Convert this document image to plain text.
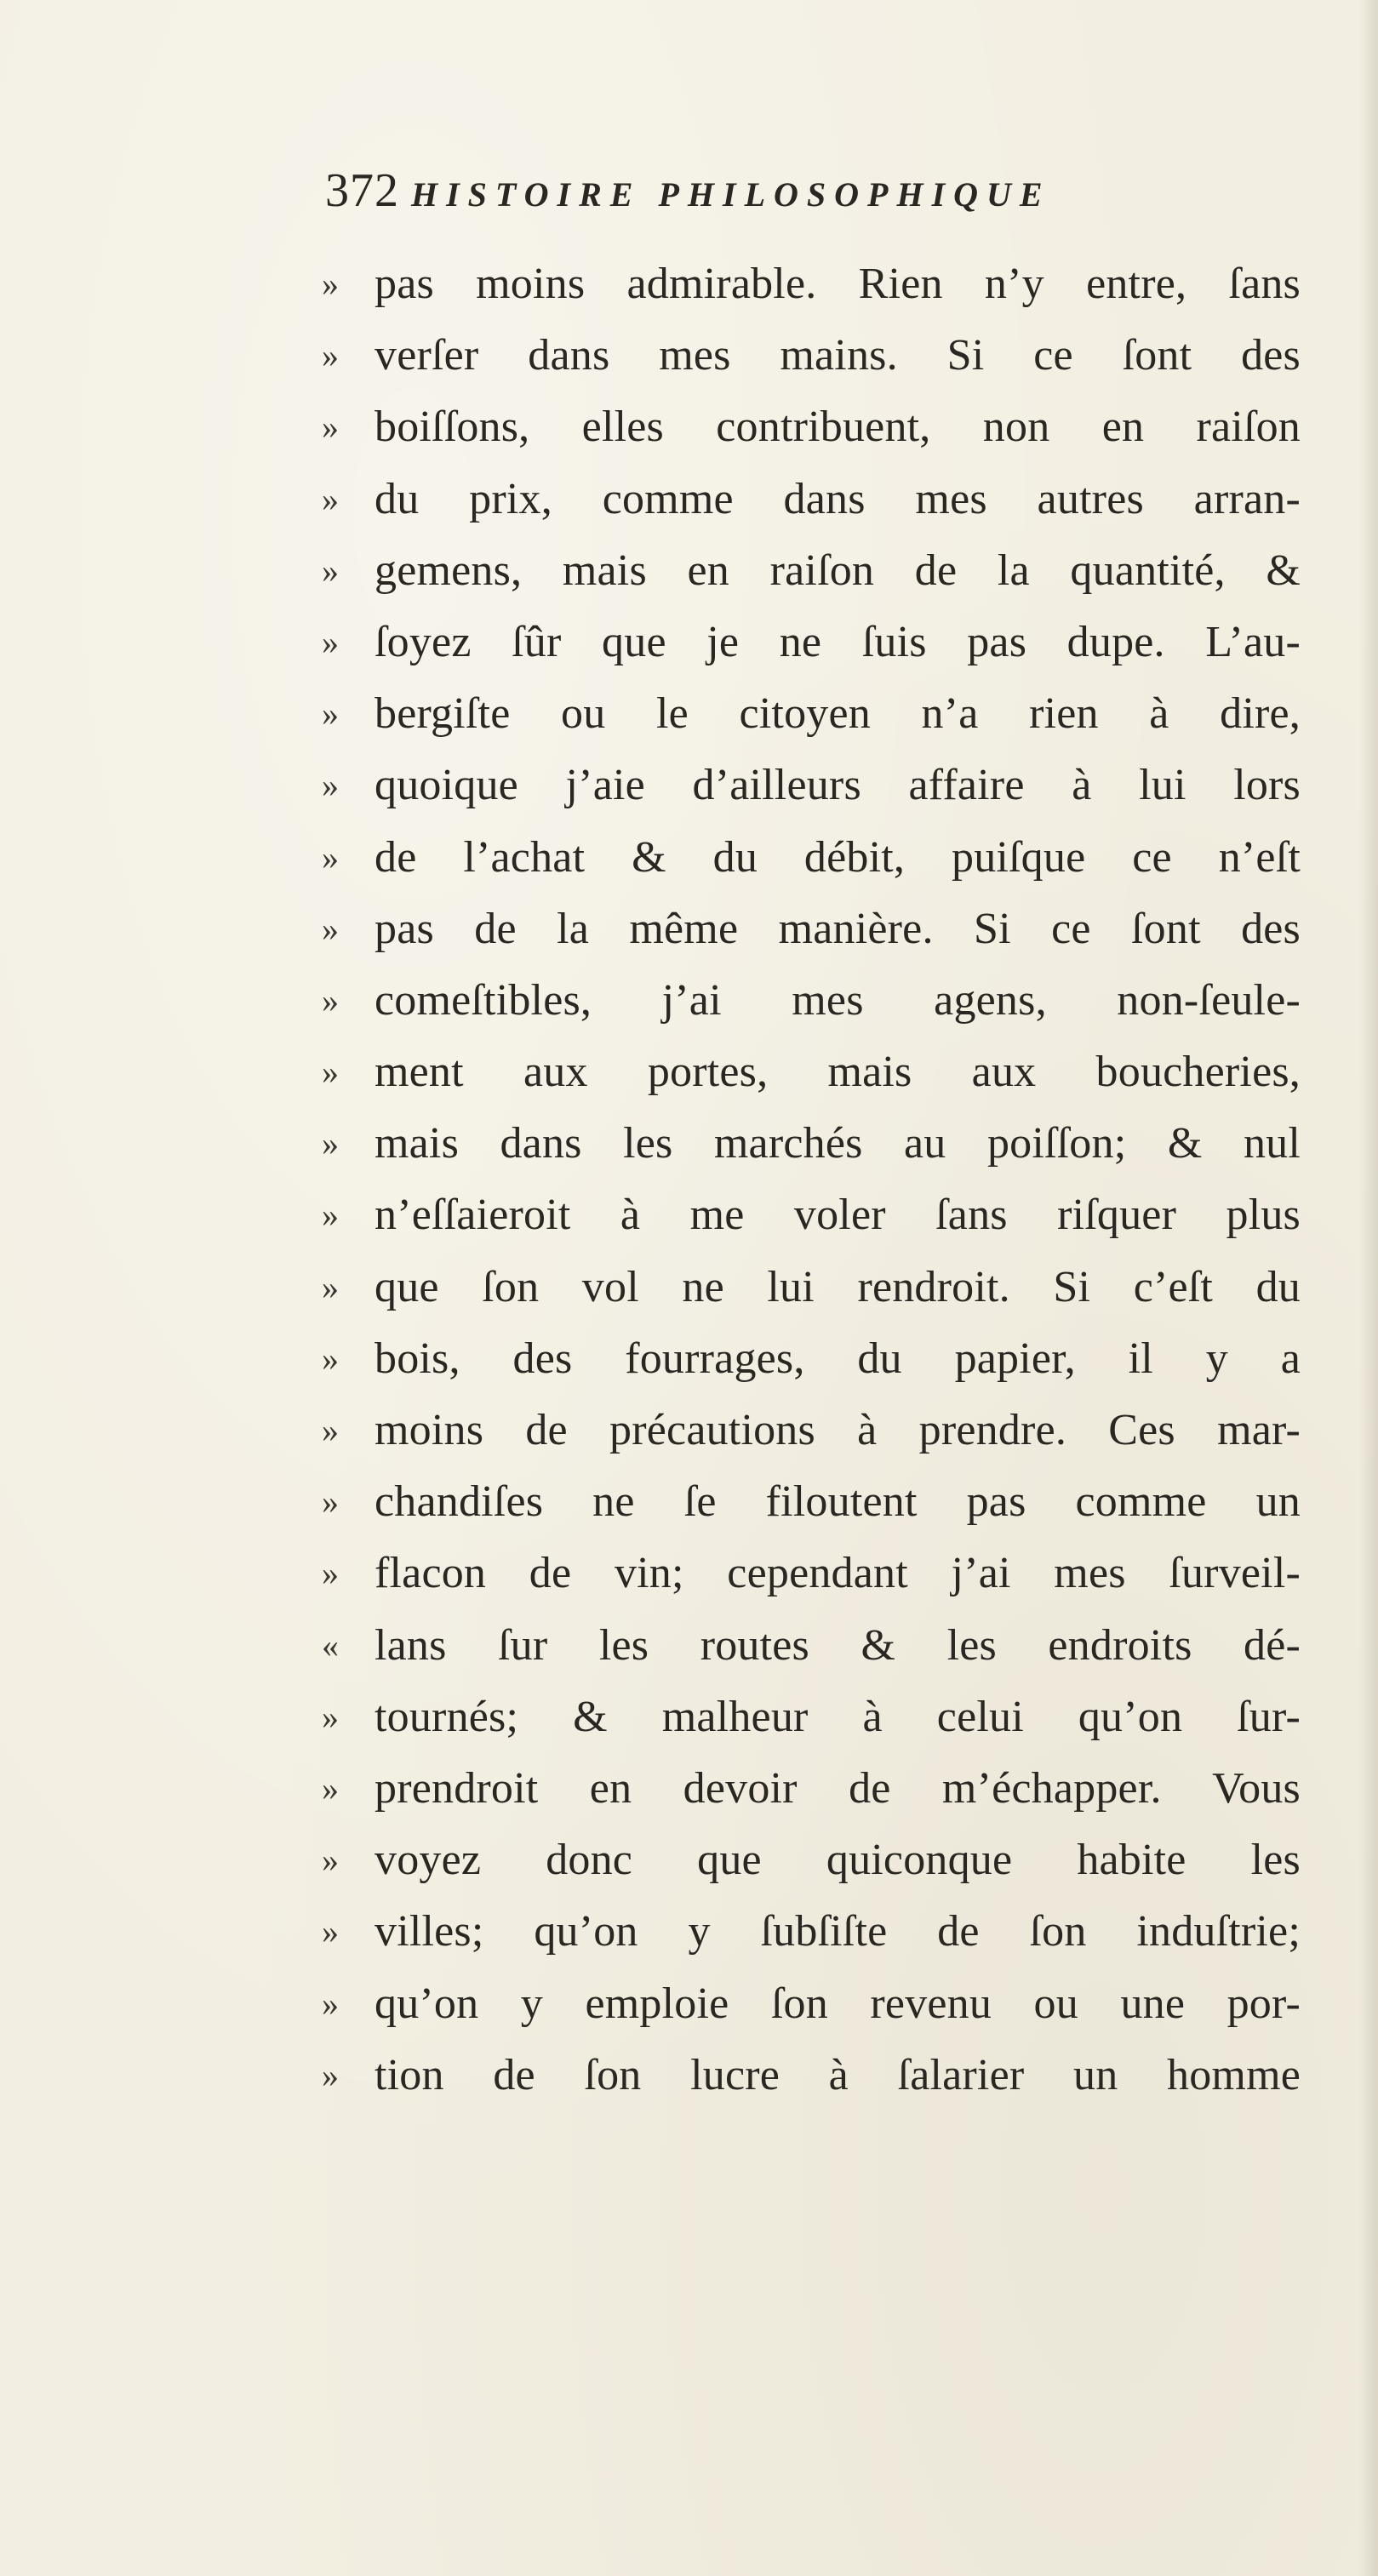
372 HISTOIRE PHILOSOPHIQUE
» pas moins admirable. Rien n’y entre, ſans
» verſer dans mes mains. Si ce ſont des
» boiſſons, elles contribuent, non en raiſon
» du prix, comme dans mes autres arran-
» gemens, mais en raiſon de la quantité, &
» ſoyez ſûr que je ne ſuis pas dupe. L’au-
» bergiſte ou le citoyen n’a rien à dire,
» quoique j’aie d’ailleurs affaire à lui lors
» de l’achat & du débit, puiſque ce n’eſt
» pas de la même manière. Si ce ſont des
» comeſtibles, j’ai mes agens, non-ſeule-
» ment aux portes, mais aux boucheries,
» mais dans les marchés au poiſſon; & nul
» n’eſſaieroit à me voler ſans riſquer plus
» que ſon vol ne lui rendroit. Si c’eſt du
» bois, des fourrages, du papier, il y a
» moins de précautions à prendre. Ces mar-
» chandiſes ne ſe filoutent pas comme un
» flacon de vin; cependant j’ai mes ſurveil-
« lans ſur les routes & les endroits dé-
» tournés; & malheur à celui qu’on ſur-
» prendroit en devoir de m’échapper. Vous
» voyez donc que quiconque habite les
» villes; qu’on y ſubſiſte de ſon induſtrie;
» qu’on y emploie ſon revenu ou une por-
» tion de ſon lucre à ſalarier un homme
